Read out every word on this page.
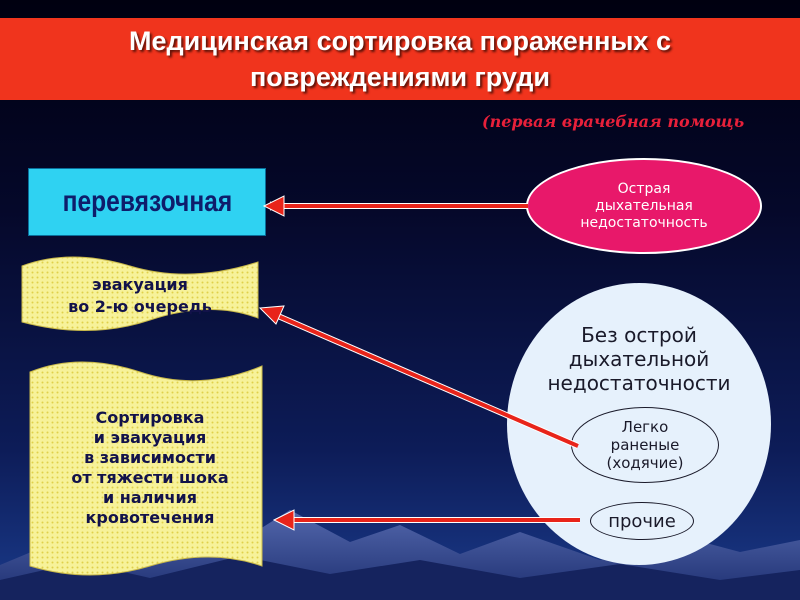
Медицинская сортировка пораженных с
повреждениями груди
(первая врачебная помощь
перевязочная
эвакуация
во 2-ю очередь
Сортировка
и эвакуация
в зависимости
от тяжести шока
и наличия
кровотечения
Острая
дыхательная
недостаточность
Без острой
дыхательной
недостаточности
Легко
раненые
(ходячие)
прочие
